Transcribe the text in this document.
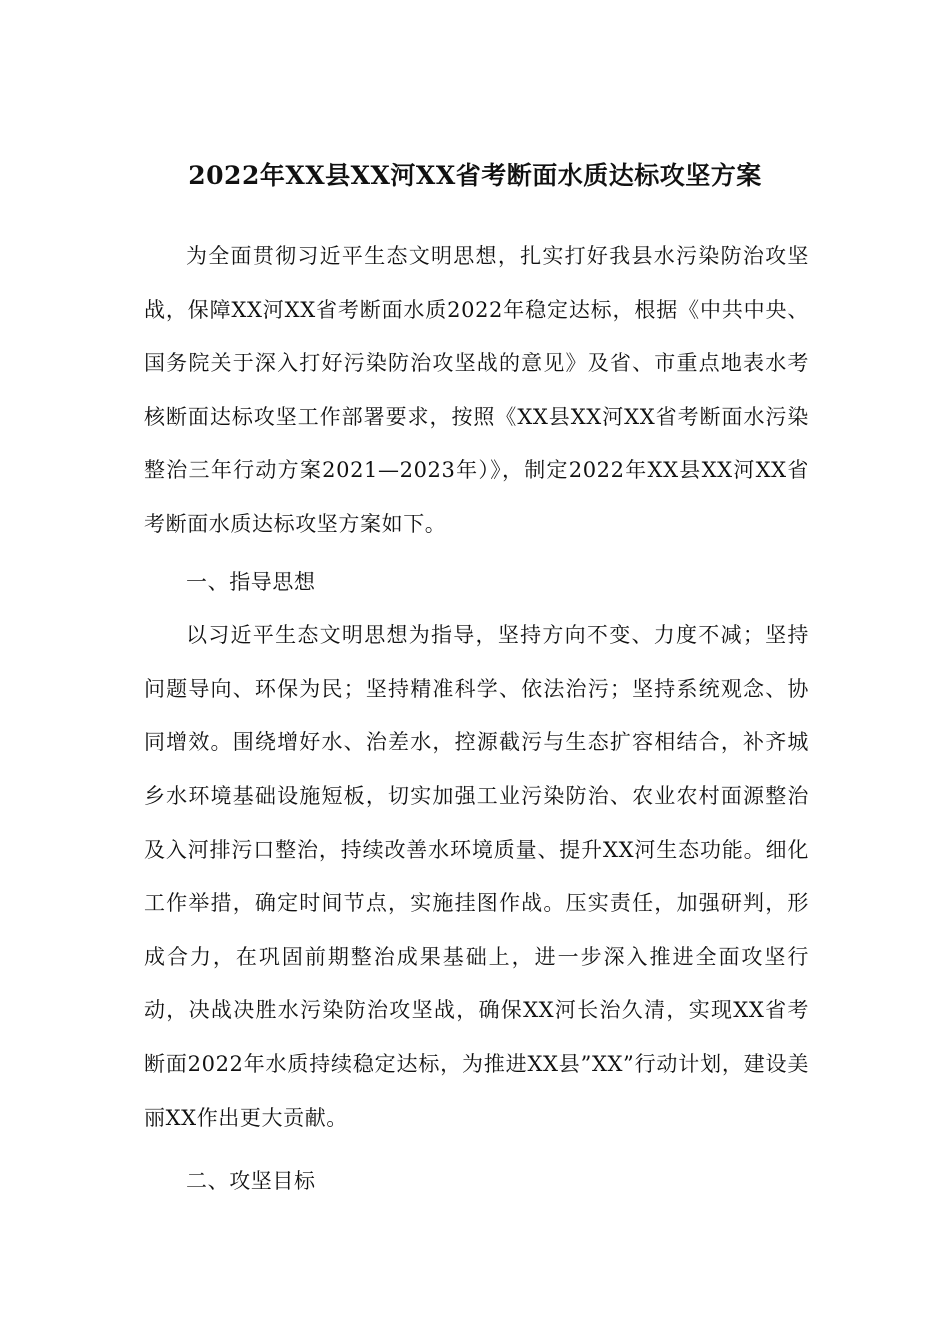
2022年XX县XX河XX省考断面水质达标攻坚方案

为全面贯彻习近平生态文明思想，扎实打好我县水污染防治攻坚战，保障XX河XX省考断面水质2022年稳定达标，根据《中共中央、国务院关于深入打好污染防治攻坚战的意见》及省、市重点地表水考核断面达标攻坚工作部署要求，按照《XX县XX河XX省考断面水污染整治三年行动方案2021—2023年）》，制定2022年XX县XX河XX省考断面水质达标攻坚方案如下。

一、指导思想

以习近平生态文明思想为指导，坚持方向不变、力度不减；坚持问题导向、环保为民；坚持精准科学、依法治污；坚持系统观念、协同增效。围绕增好水、治差水，控源截污与生态扩容相结合，补齐城乡水环境基础设施短板，切实加强工业污染防治、农业农村面源整治及入河排污口整治，持续改善水环境质量、提升XX河生态功能。细化工作举措，确定时间节点，实施挂图作战。压实责任，加强研判，形成合力，在巩固前期整治成果基础上，进一步深入推进全面攻坚行动，决战决胜水污染防治攻坚战，确保XX河长治久清，实现XX省考断面2022年水质持续稳定达标，为推进XX县”XX”行动计划，建设美丽XX作出更大贡献。

二、攻坚目标
